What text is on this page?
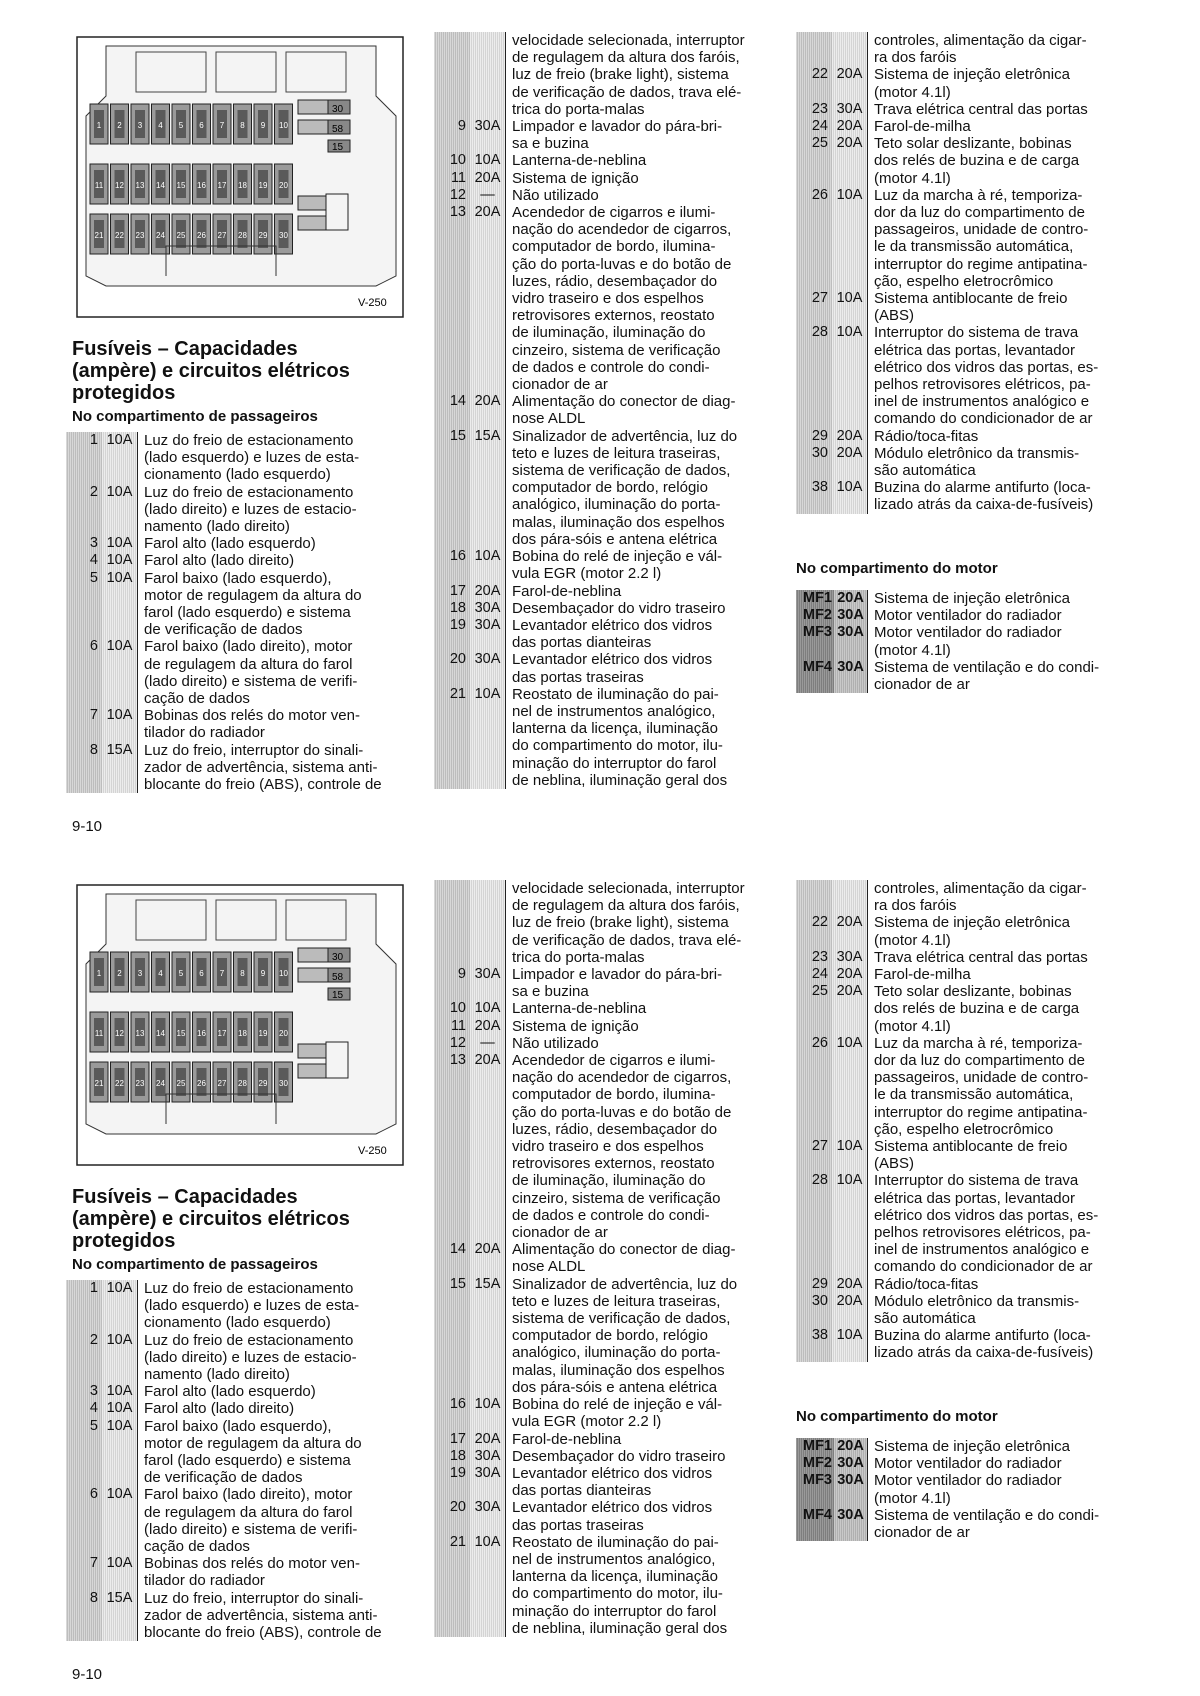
1 2 3 4 5 6 7 8 9 10
11 12 13 14 15 16 17 18 19 20
21 22 23 24 25 26 27 28 29 30
30
58
15
V-250
Fusíveis – Capacidades
(ampère) e circuitos elétricos
protegidos
No compartimento de passageiros
1 10A Luz do freio de estacionamento
(lado esquerdo) e luzes de esta-
cionamento (lado esquerdo)
2 10A Luz do freio de estacionamento
(lado direito) e luzes de estacio-
namento (lado direito)
3 10A Farol alto (lado esquerdo)
4 10A Farol alto (lado direito)
5 10A Farol baixo (lado esquerdo),
motor de regulagem da altura do
farol (lado esquerdo) e sistema
de verificação de dados
6 10A Farol baixo (lado direito), motor
de regulagem da altura do farol
(lado direito) e sistema de verifi-
cação de dados
7 10A Bobinas dos relés do motor ven-
tilador do radiador
8 15A Luz do freio, interruptor do sinali-
zador de advertência, sistema anti-
blocante do freio (ABS), controle de
velocidade selecionada, interruptor
de regulagem da altura dos faróis,
luz de freio (brake light), sistema
de verificação de dados, trava elé-
trica do porta-malas
9 30A Limpador e lavador do pára-bri-
sa e buzina
10 10A Lanterna-de-neblina
11 20A Sistema de ignição
12 —	Não utilizado
13 20A Acendedor de cigarros e ilumi-
nação do acendedor de cigarros,
computador de bordo, ilumina-
ção do porta-luvas e do botão de
luzes, rádio, desembaçador do
vidro traseiro e dos espelhos
retrovisores externos, reostato
de iluminação, iluminação do
cinzeiro, sistema de verificação
de dados e controle do condi-
cionador de ar
14 20A Alimentação do conector de diag-
nose ALDL
15 15A Sinalizador de advertência, luz do
teto e luzes de leitura traseiras,
sistema de verificação de dados,
computador de bordo, relógio
analógico, iluminação do porta-
malas, iluminação dos espelhos
dos pára-sóis e antena elétrica
16 10A Bobina do relé de injeção e vál-
vula EGR (motor 2.2 l)
17 20A Farol-de-neblina
18 30A Desembaçador do vidro traseiro
19 30A Levantador elétrico dos vidros
das portas dianteiras
20 30A Levantador elétrico dos vidros
das portas traseiras
21 10A Reostato de iluminação do pai-
nel de instrumentos analógico,
lanterna da licença, iluminação
do compartimento do motor, ilu-
minação do interruptor do farol
de neblina, iluminação geral dos
controles, alimentação da cigar-
ra dos faróis
22 20A Sistema de injeção eletrônica
(motor 4.1l)
23 30A Trava elétrica central das portas
24 20A Farol-de-milha
25 20A Teto solar deslizante, bobinas
dos relés de buzina e de carga
(motor 4.1l)
26 10A Luz da marcha à ré, temporiza-
dor da luz do compartimento de
passageiros, unidade de contro-
le da transmissão automática,
interruptor do regime antipatina-
ção, espelho eletrocrômico
27 10A Sistema antiblocante de freio
(ABS)
28 10A Interruptor do sistema de trava
elétrica das portas, levantador
elétrico dos vidros das portas, es-
pelhos retrovisores elétricos, pa-
inel de instrumentos analógico e
comando do condicionador de ar
29 20A Rádio/toca-fitas
30 20A Módulo eletrônico da transmis-
são automática
38 10A Buzina do alarme antifurto (loca-
lizado atrás da caixa-de-fusíveis)
No compartimento do motor
MF1 20A Sistema de injeção eletrônica
MF2 30A Motor ventilador do radiador
MF3 30A Motor ventilador do radiador
(motor 4.1l)
MF4 30A Sistema de ventilação e do condi-
cionador de ar
9-10
1 2 3 4 5 6 7 8 9 10
11 12 13 14 15 16 17 18 19 20
21 22 23 24 25 26 27 28 29 30
30
58
15
V-250
Fusíveis – Capacidades
(ampère) e circuitos elétricos
protegidos
No compartimento de passageiros
1 10A Luz do freio de estacionamento
(lado esquerdo) e luzes de esta-
cionamento (lado esquerdo)
2 10A Luz do freio de estacionamento
(lado direito) e luzes de estacio-
namento (lado direito)
3 10A Farol alto (lado esquerdo)
4 10A Farol alto (lado direito)
5 10A Farol baixo (lado esquerdo),
motor de regulagem da altura do
farol (lado esquerdo) e sistema
de verificação de dados
6 10A Farol baixo (lado direito), motor
de regulagem da altura do farol
(lado direito) e sistema de verifi-
cação de dados
7 10A Bobinas dos relés do motor ven-
tilador do radiador
8 15A Luz do freio, interruptor do sinali-
zador de advertência, sistema anti-
blocante do freio (ABS), controle de
velocidade selecionada, interruptor
de regulagem da altura dos faróis,
luz de freio (brake light), sistema
de verificação de dados, trava elé-
trica do porta-malas
9 30A Limpador e lavador do pára-bri-
sa e buzina
10 10A Lanterna-de-neblina
11 20A Sistema de ignição
12 —	Não utilizado
13 20A Acendedor de cigarros e ilumi-
nação do acendedor de cigarros,
computador de bordo, ilumina-
ção do porta-luvas e do botão de
luzes, rádio, desembaçador do
vidro traseiro e dos espelhos
retrovisores externos, reostato
de iluminação, iluminação do
cinzeiro, sistema de verificação
de dados e controle do condi-
cionador de ar
14 20A Alimentação do conector de diag-
nose ALDL
15 15A Sinalizador de advertência, luz do
teto e luzes de leitura traseiras,
sistema de verificação de dados,
computador de bordo, relógio
analógico, iluminação do porta-
malas, iluminação dos espelhos
dos pára-sóis e antena elétrica
16 10A Bobina do relé de injeção e vál-
vula EGR (motor 2.2 l)
17 20A Farol-de-neblina
18 30A Desembaçador do vidro traseiro
19 30A Levantador elétrico dos vidros
das portas dianteiras
20 30A Levantador elétrico dos vidros
das portas traseiras
21 10A Reostato de iluminação do pai-
nel de instrumentos analógico,
lanterna da licença, iluminação
do compartimento do motor, ilu-
minação do interruptor do farol
de neblina, iluminação geral dos
controles, alimentação da cigar-
ra dos faróis
22 20A Sistema de injeção eletrônica
(motor 4.1l)
23 30A Trava elétrica central das portas
24 20A Farol-de-milha
25 20A Teto solar deslizante, bobinas
dos relés de buzina e de carga
(motor 4.1l)
26 10A Luz da marcha à ré, temporiza-
dor da luz do compartimento de
passageiros, unidade de contro-
le da transmissão automática,
interruptor do regime antipatina-
ção, espelho eletrocrômico
27 10A Sistema antiblocante de freio
(ABS)
28 10A Interruptor do sistema de trava
elétrica das portas, levantador
elétrico dos vidros das portas, es-
pelhos retrovisores elétricos, pa-
inel de instrumentos analógico e
comando do condicionador de ar
29 20A Rádio/toca-fitas
30 20A Módulo eletrônico da transmis-
são automática
38 10A Buzina do alarme antifurto (loca-
lizado atrás da caixa-de-fusíveis)
No compartimento do motor
MF1 20A Sistema de injeção eletrônica
MF2 30A Motor ventilador do radiador
MF3 30A Motor ventilador do radiador
(motor 4.1l)
MF4 30A Sistema de ventilação e do condi-
cionador de ar
9-10
